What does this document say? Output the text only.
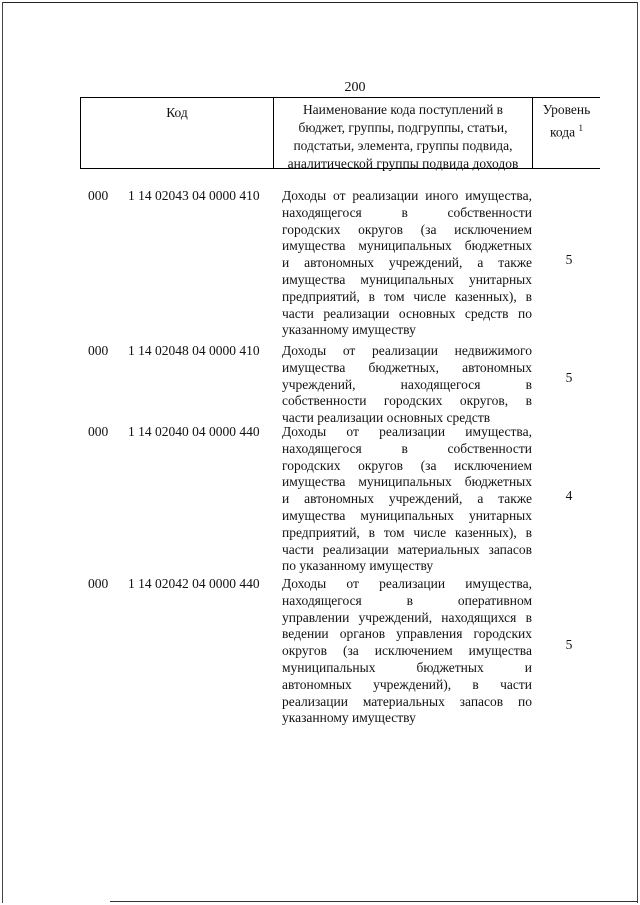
200
Код	Наименование кода поступлений в
бюджет, группы, подгруппы, статьи,
подстатьи, элемента, группы подвида,
аналитической группы подвида доходов
Уровень
кода $^1$
000 1 14 02043 04 0000 410 Доходы от реализации иного имущества,
находящегося в собственности
городских округов (за исключением
имущества муниципальных бюджетных
и автономных учреждений, а также
имущества муниципальных унитарных
предприятий, в том числе казенных), в
части реализации основных средств по
указанному имуществу
5
000 1 14 02048 04 0000 410 Доходы от реализации недвижимого
имущества бюджетных, автономных
учреждений, находящегося в
собственности городских округов, в
части реализации основных средств
5
000 1 14 02040 04 0000 440 Доходы от реализации имущества,
находящегося в собственности
городских округов (за исключением
имущества муниципальных бюджетных
и автономных учреждений, а также
имущества муниципальных унитарных
предприятий, в том числе казенных), в
части реализации материальных запасов
по указанному имуществу
4
000 1 14 02042 04 0000 440 Доходы от реализации имущества,
находящегося в оперативном
управлении учреждений, находящихся в
ведении органов управления городских
округов (за исключением имущества
муниципальных бюджетных и
автономных учреждений), в части
реализации материальных запасов по
указанному имуществу
5
